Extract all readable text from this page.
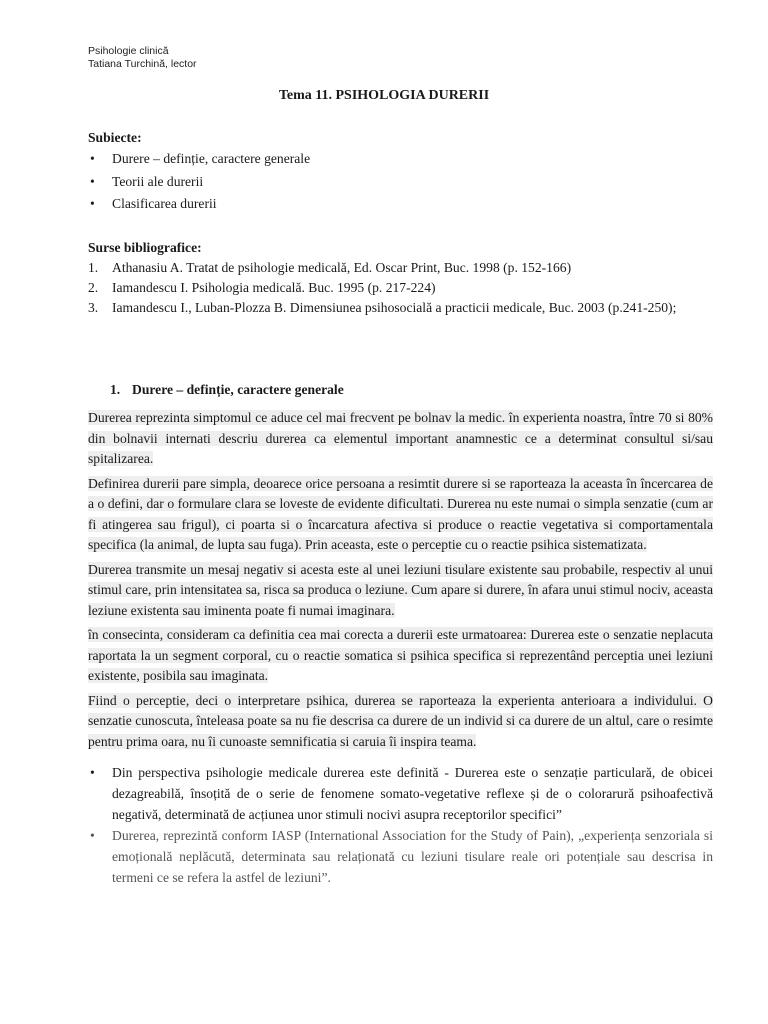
Psihologie clinică
Tatiana Turchină, lector
Tema 11. PSIHOLOGIA DURERII
Subiecte:
• Durere – definție, caractere generale
• Teorii ale durerii
• Clasificarea durerii
Surse bibliografice:
1. Athanasiu A. Tratat de psihologie medicală, Ed. Oscar Print, Buc. 1998 (p. 152-166)
2. Iamandescu I. Psihologia medicală. Buc. 1995 (p. 217-224)
3. Iamandescu I., Luban-Plozza B. Dimensiunea psihosocială a practicii medicale, Buc. 2003 (p.241-250);
1. Durere – definție, caractere generale

Durerea reprezinta simptomul ce aduce cel mai frecvent pe bolnav la medic. în experienta noastra, între 70 si 80% din bolnavii internati descriu durerea ca elementul important anamnestic ce a determinat consultul si/sau spitalizarea.

Definirea durerii pare simpla, deoarece orice persoana a resimtit durere si se raporteaza la aceasta în încercarea de a o defini, dar o formulare clara se loveste de evidente dificultati. Durerea nu este numai o simpla senzatie (cum ar fi atingerea sau frigul), ci poarta si o încarcatura afectiva si produce o reactie vegetativa si comportamentala specifica (la animal, de lupta sau fuga). Prin aceasta, este o perceptie cu o reactie psihica sistematizata.

Durerea transmite un mesaj negativ si acesta este al unei leziuni tisulare existente sau probabile, respectiv al unui stimul care, prin intensitatea sa, risca sa produca o leziune. Cum apare si durere, în afara unui stimul nociv, aceasta leziune existenta sau iminenta poate fi numai imaginara.

în consecinta, consideram ca definitia cea mai corecta a durerii este urmatoarea: Durerea este o senzatie neplacuta raportata la un segment corporal, cu o reactie somatica si psihica specifica si reprezentând perceptia unei leziuni existente, posibila sau imaginata.

Fiind o perceptie, deci o interpretare psihica, durerea se raporteaza la experienta anterioara a individului. O senzatie cunoscuta, înteleasa poate sa nu fie descrisa ca durere de un individ si ca durere de un altul, care o resimte pentru prima oara, nu îi cunoaste semnificatia si caruia îi inspira teama.

• Din perspectiva psihologie medicale durerea este definită - Durerea este o senzație particulară, de obicei dezagreabilă, însoțită de o serie de fenomene somato-vegetative reflexe și de o colorarură psihoafectivă negativă, determinată de acțiunea unor stimuli nocivi asupra receptorilor specifici”
• Durerea, reprezintă conform IASP (International Association for the Study of Pain), „experiența senzoriala si emoțională neplăcută, determinata sau relaționată cu leziuni tisulare reale ori potențiale sau descrisa in termeni ce se refera la astfel de leziuni”.
